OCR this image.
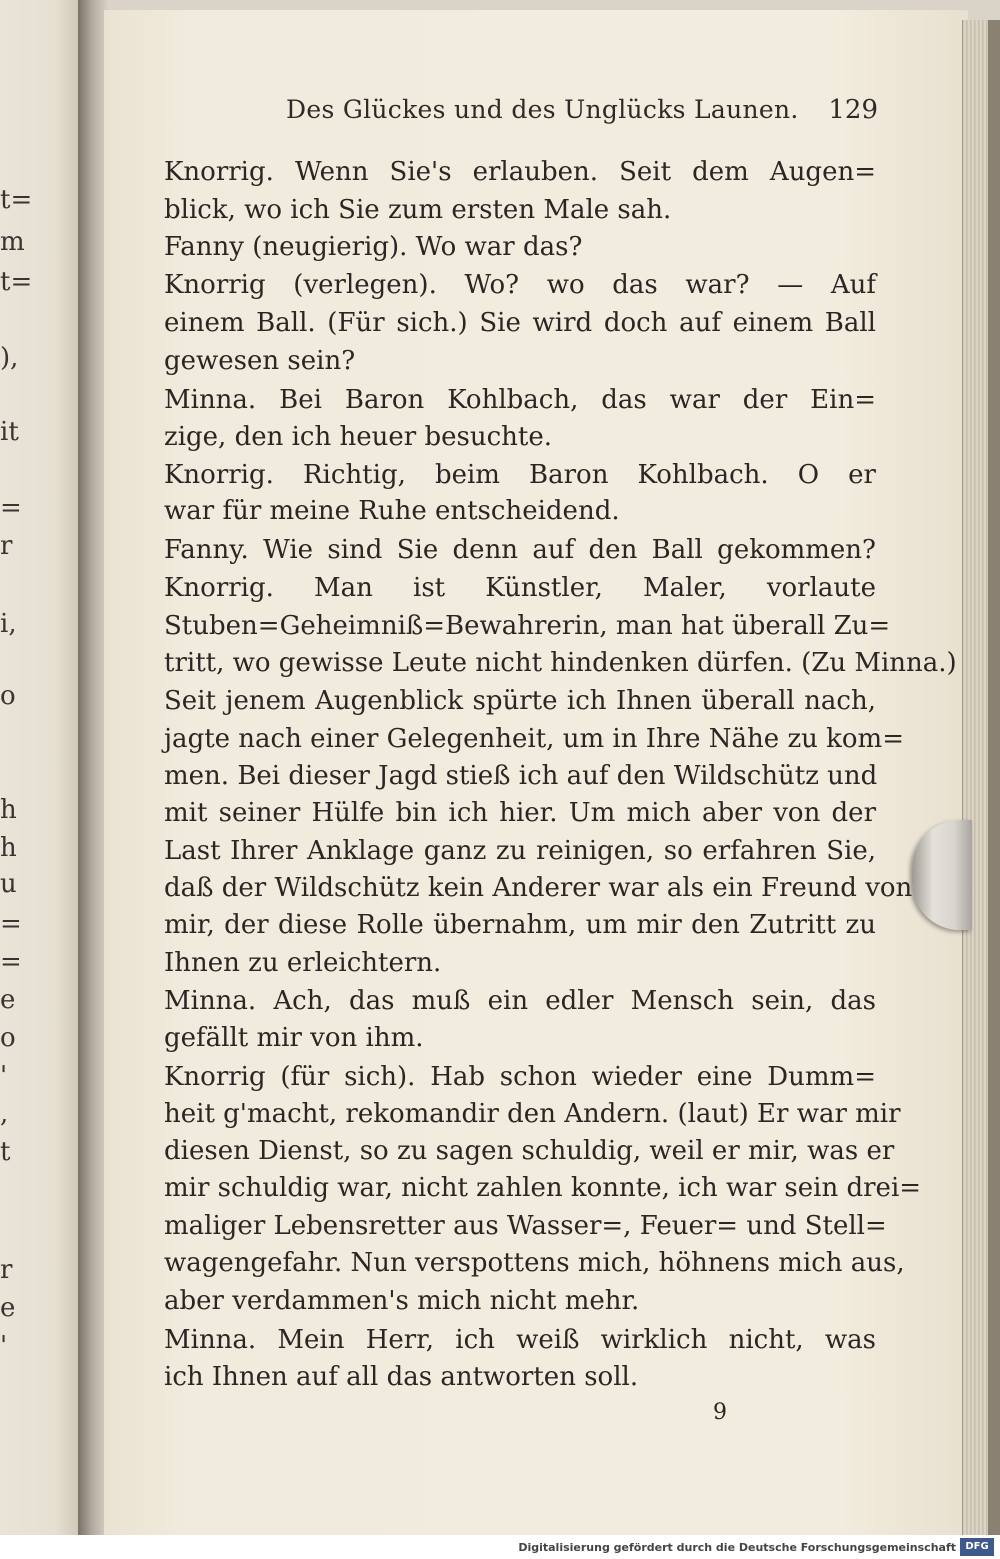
t=
m
t=
),
it
=
r
i,
o
h
h
u
=
=
e
o
'
,
t
r
e
'
Des Glückes und des Unglücks Launen. 129
Knorrig. Wenn Sie's erlauben. Seit dem Augen=
blick, wo ich Sie zum ersten Male sah.
Fanny (neugierig). Wo war das?
Knorrig (verlegen). Wo? wo das war? — Auf
einem Ball. (Für sich.) Sie wird doch auf einem Ball
gewesen sein?
Minna. Bei Baron Kohlbach, das war der Ein=
zige, den ich heuer besuchte.
Knorrig. Richtig, beim Baron Kohlbach. O er
war für meine Ruhe entscheidend.
Fanny. Wie sind Sie denn auf den Ball gekommen?
Knorrig. Man ist Künstler, Maler, vorlaute
Stuben=Geheimniß=Bewahrerin, man hat überall Zu=
tritt, wo gewisse Leute nicht hindenken dürfen. (Zu Minna.)
Seit jenem Augenblick spürte ich Ihnen überall nach,
jagte nach einer Gelegenheit, um in Ihre Nähe zu kom=
men. Bei dieser Jagd stieß ich auf den Wildschütz und
mit seiner Hülfe bin ich hier. Um mich aber von der
Last Ihrer Anklage ganz zu reinigen, so erfahren Sie,
daß der Wildschütz kein Anderer war als ein Freund von
mir, der diese Rolle übernahm, um mir den Zutritt zu
Ihnen zu erleichtern.
Minna. Ach, das muß ein edler Mensch sein, das
gefällt mir von ihm.
Knorrig (für sich). Hab schon wieder eine Dumm=
heit g'macht, rekomandir den Andern. (laut) Er war mir
diesen Dienst, so zu sagen schuldig, weil er mir, was er
mir schuldig war, nicht zahlen konnte, ich war sein drei=
maliger Lebensretter aus Wasser=, Feuer= und Stell=
wagengefahr. Nun verspottens mich, höhnens mich aus,
aber verdammen's mich nicht mehr.
Minna. Mein Herr, ich weiß wirklich nicht, was
ich Ihnen auf all das antworten soll.
9
Digitalisierung gefördert durch die Deutsche Forschungsgemeinschaft DFG
